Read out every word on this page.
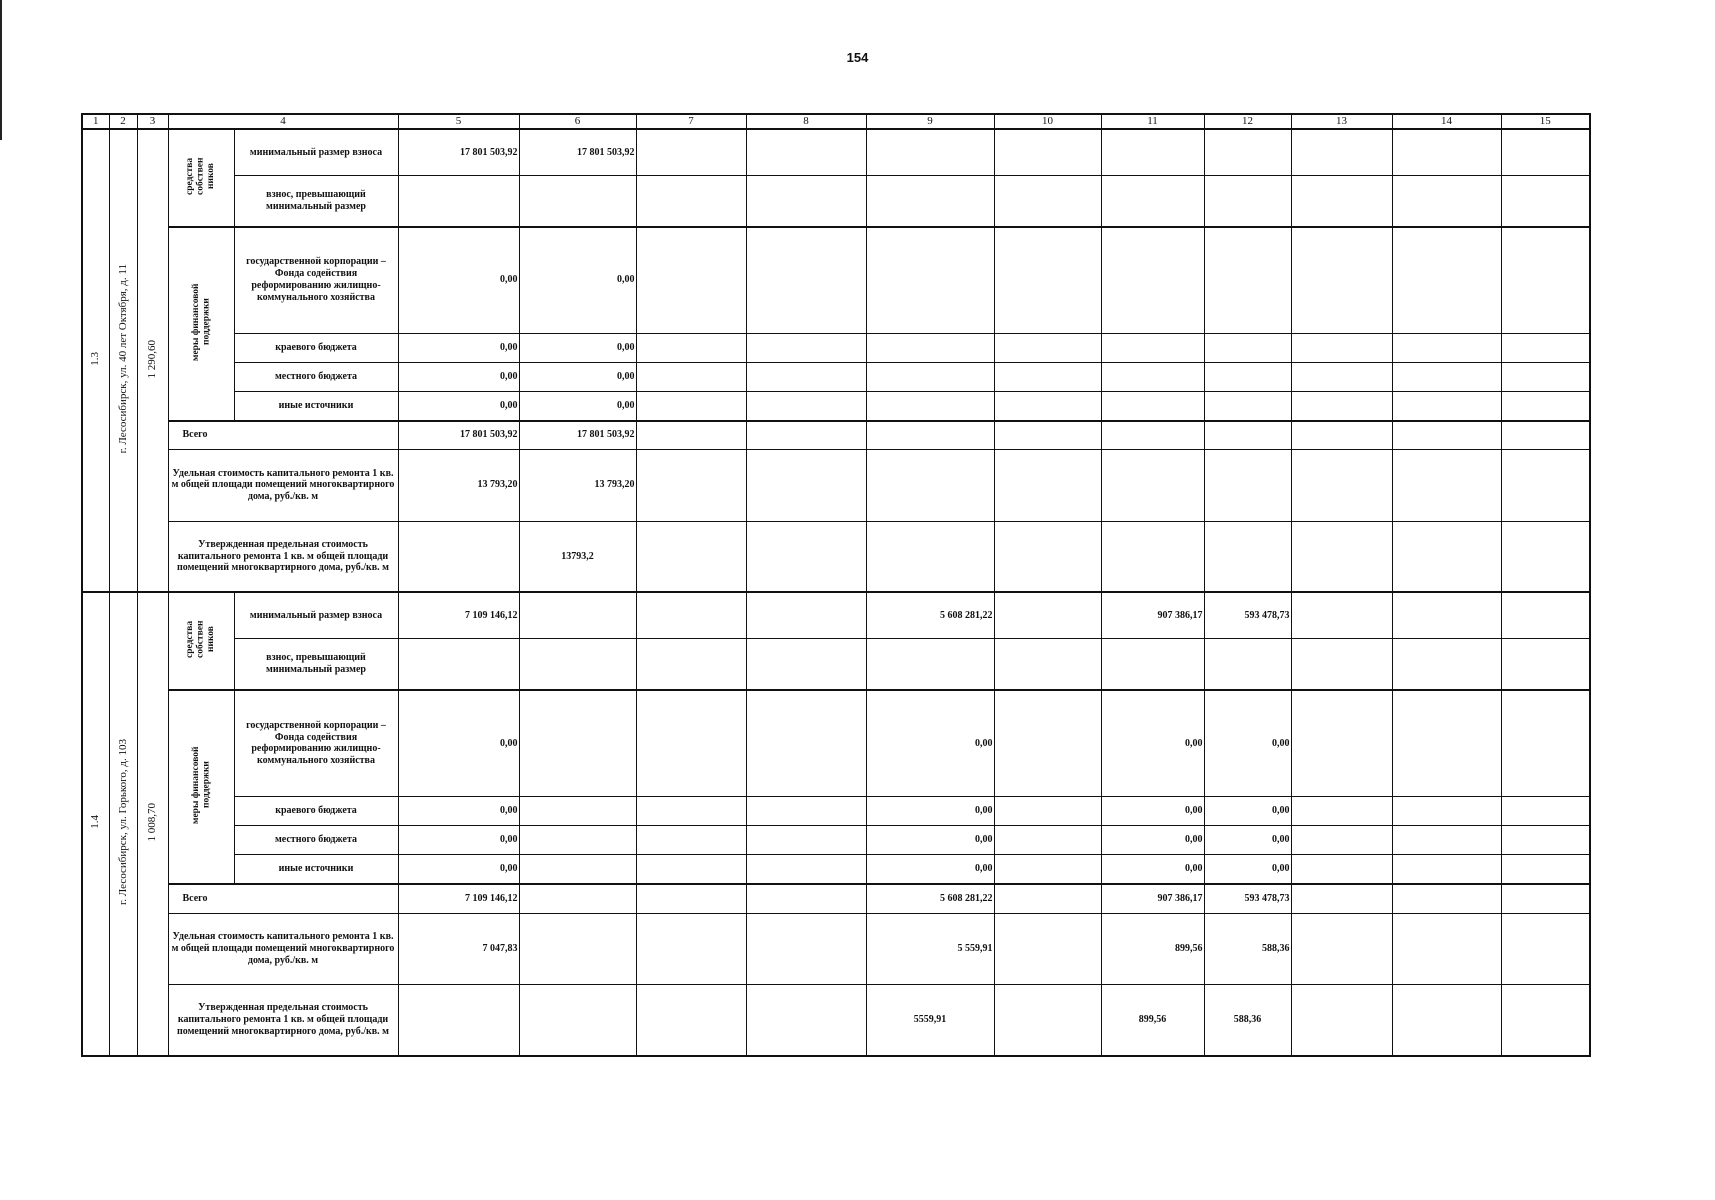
154
1	2	3	4		5	6	7	8	9	10	11	12	13	14	15
1.3	г. Лесосибирск, ул. 40 лет Октября, д. 11	1 290,60	средства собствен ников	минимальный размер взноса	17 801 503,92	17 801 503,92									
				взнос, превышающий минимальный размер											
			меры финансовой поддержки	государственной корпорации – Фонда содействия реформированию жилищно-коммунального хозяйства	0,00	0,00									
				краевого бюджета	0,00	0,00									
				местного бюджета	0,00	0,00									
				иные источники	0,00	0,00									
			Всего		17 801 503,92	17 801 503,92									
			Удельная стоимость капитального ремонта 1 кв. м общей площади помещений многоквартирного дома, руб./кв. м		13 793,20	13 793,20									
			Утвержденная предельная стоимость капитального ремонта 1 кв. м общей площади помещений многоквартирного дома, руб./кв. м			13793,2									
1.4	г. Лесосибирск, ул. Горького, д. 103	1 008,70	средства собствен ников	минимальный размер взноса	7 109 146,12				5 608 281,22		907 386,17	593 478,73			
				взнос, превышающий минимальный размер											
			меры финансовой поддержки	государственной корпорации – Фонда содействия реформированию жилищно-коммунального хозяйства	0,00				0,00		0,00	0,00			
				краевого бюджета	0,00				0,00		0,00	0,00			
				местного бюджета	0,00				0,00		0,00	0,00			
				иные источники	0,00				0,00		0,00	0,00			
			Всего		7 109 146,12				5 608 281,22		907 386,17	593 478,73			
			Удельная стоимость капитального ремонта 1 кв. м общей площади помещений многоквартирного дома, руб./кв. м		7 047,83				5 559,91		899,56	588,36			
			Утвержденная предельная стоимость капитального ремонта 1 кв. м общей площади помещений многоквартирного дома, руб./кв. м						5559,91		899,56	588,36			
